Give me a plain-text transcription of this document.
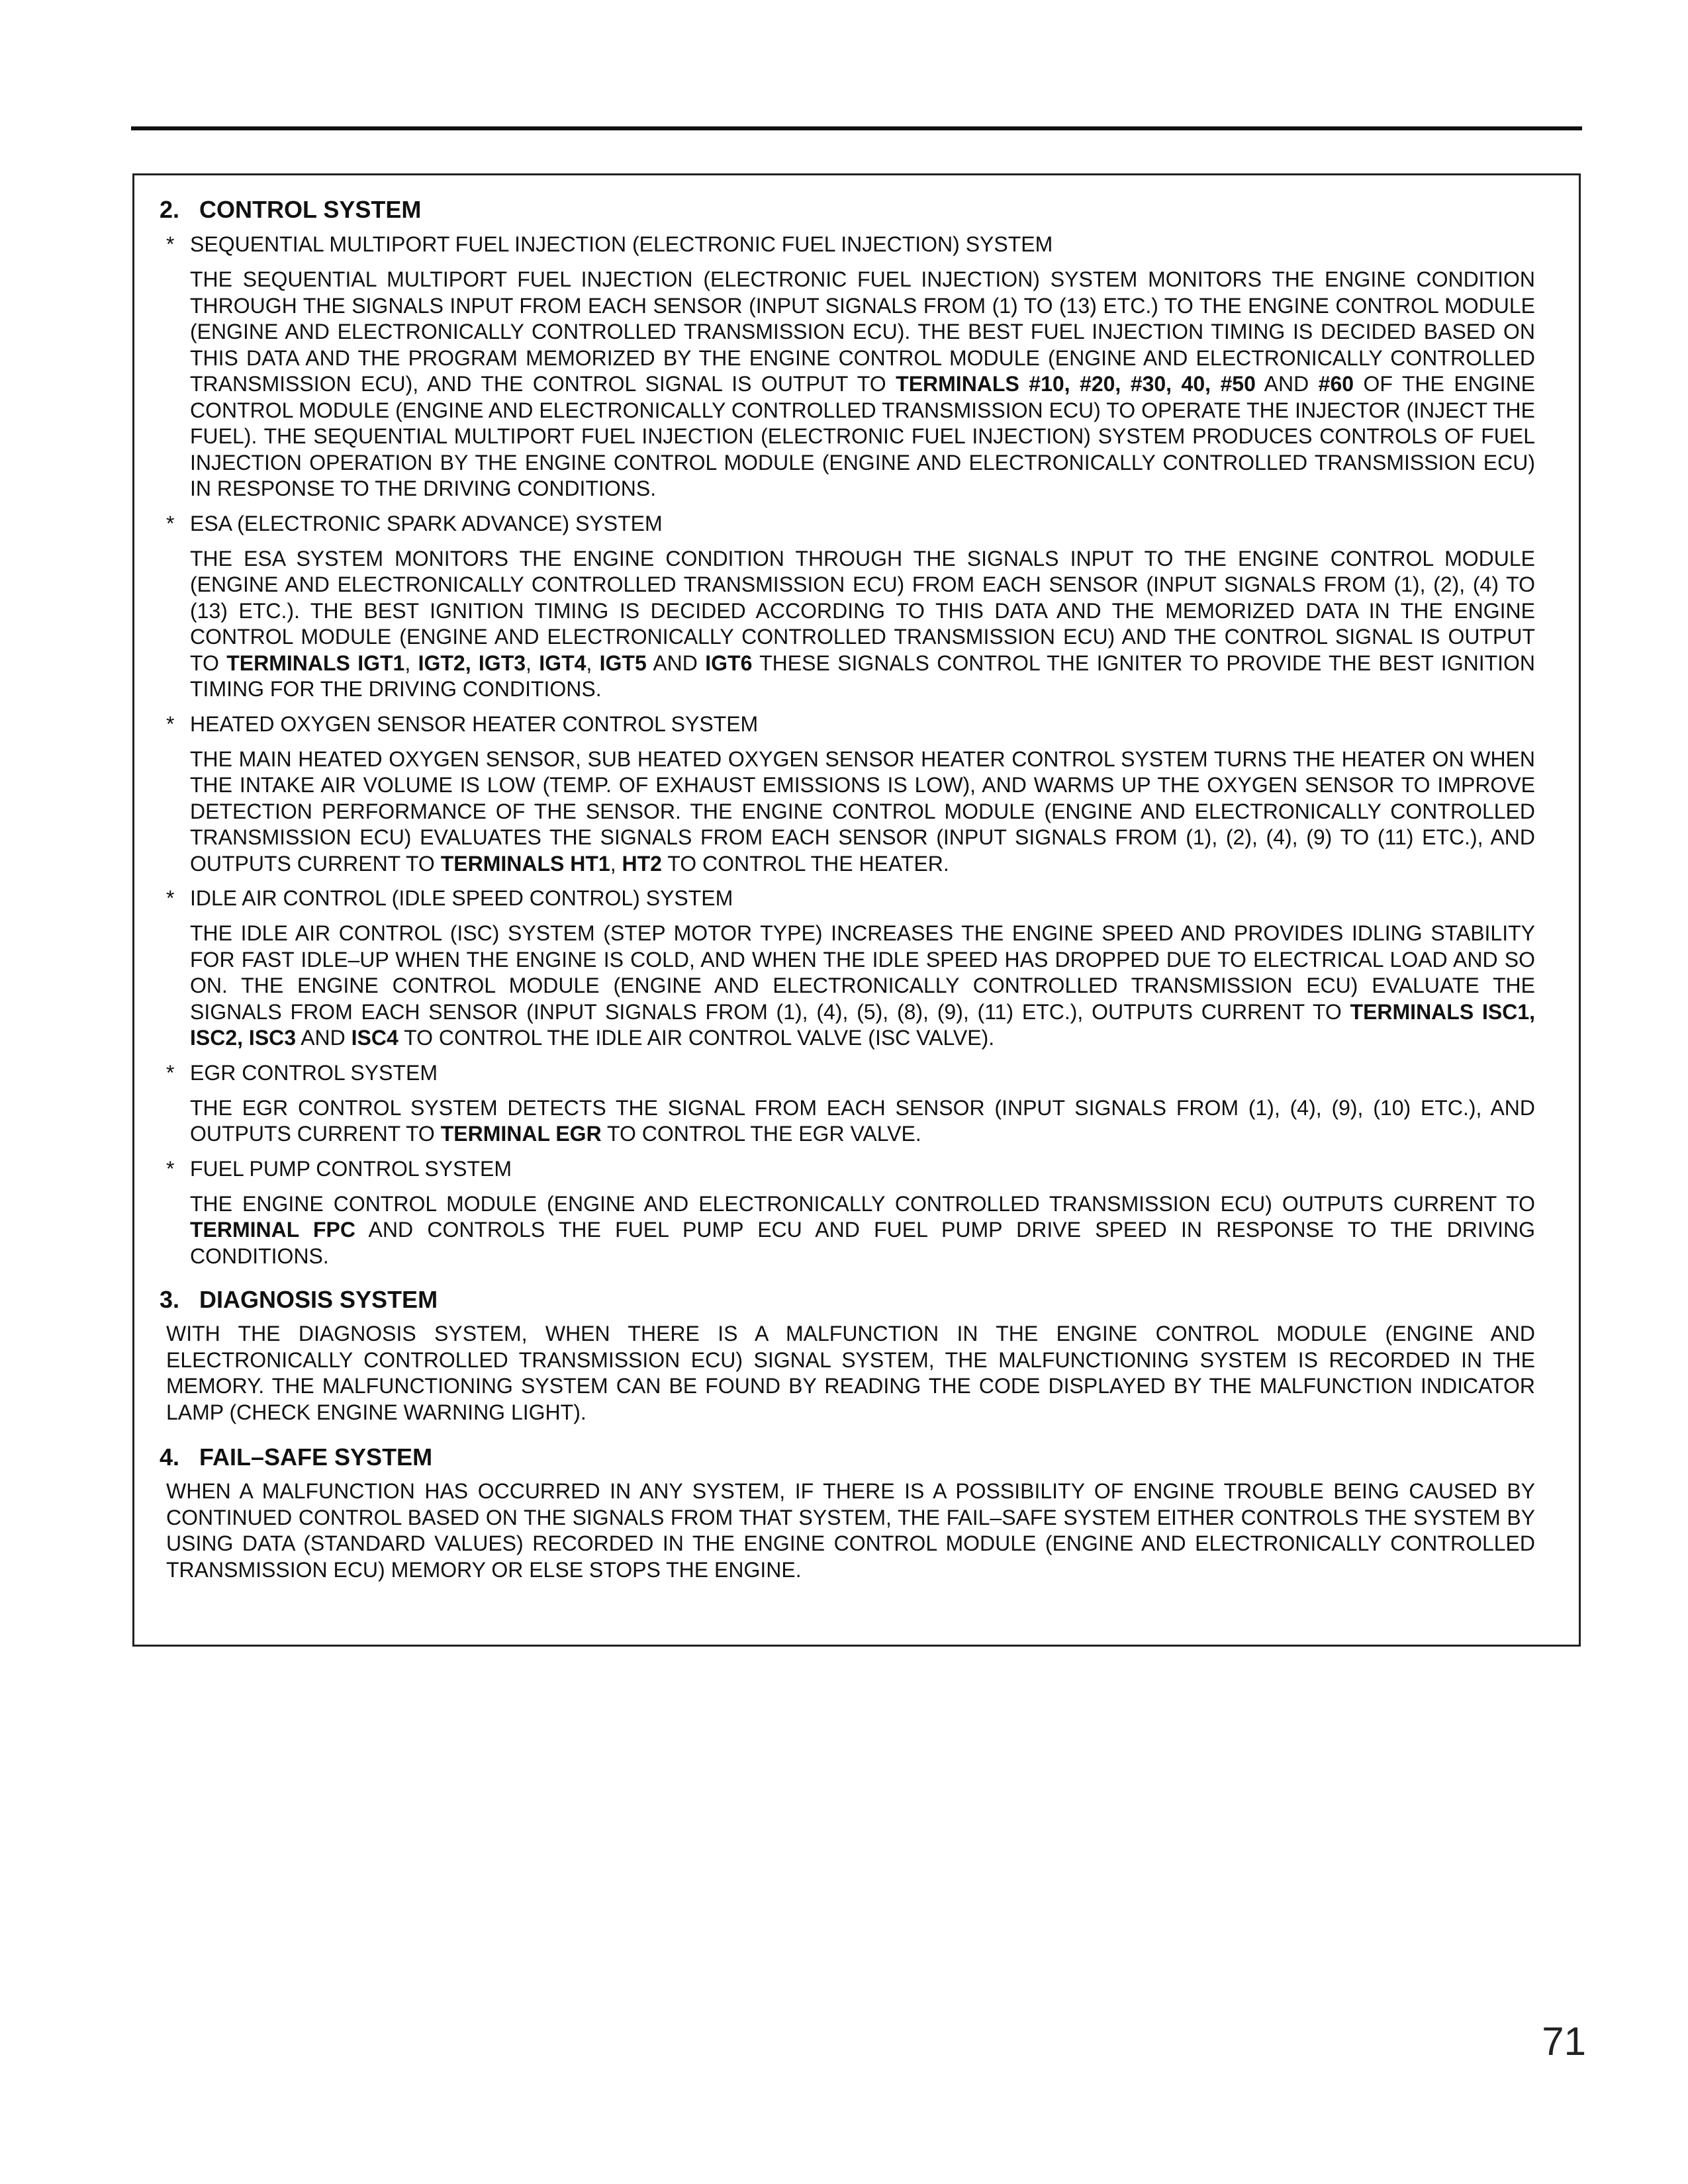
2. CONTROL SYSTEM
* SEQUENTIAL MULTIPORT FUEL INJECTION (ELECTRONIC FUEL INJECTION) SYSTEM
THE SEQUENTIAL MULTIPORT FUEL INJECTION (ELECTRONIC FUEL INJECTION) SYSTEM MONITORS THE ENGINE CONDITION THROUGH THE SIGNALS INPUT FROM EACH SENSOR (INPUT SIGNALS FROM (1) TO (13) ETC.) TO THE ENGINE CONTROL MODULE (ENGINE AND ELECTRONICALLY CONTROLLED TRANSMISSION ECU). THE BEST FUEL INJECTION TIMING IS DECIDED BASED ON THIS DATA AND THE PROGRAM MEMORIZED BY THE ENGINE CONTROL MODULE (ENGINE AND ELECTRONICALLY CONTROLLED TRANSMISSION ECU), AND THE CONTROL SIGNAL IS OUTPUT TO TERMINALS #10, #20, #30, 40, #50 AND #60 OF THE ENGINE CONTROL MODULE (ENGINE AND ELECTRONICALLY CONTROLLED TRANSMISSION ECU) TO OPERATE THE INJECTOR (INJECT THE FUEL). THE SEQUENTIAL MULTIPORT FUEL INJECTION (ELECTRONIC FUEL INJECTION) SYSTEM PRODUCES CONTROLS OF FUEL INJECTION OPERATION BY THE ENGINE CONTROL MODULE (ENGINE AND ELECTRONICALLY CONTROLLED TRANSMISSION ECU) IN RESPONSE TO THE DRIVING CONDITIONS.
* ESA (ELECTRONIC SPARK ADVANCE) SYSTEM
THE ESA SYSTEM MONITORS THE ENGINE CONDITION THROUGH THE SIGNALS INPUT TO THE ENGINE CONTROL MODULE (ENGINE AND ELECTRONICALLY CONTROLLED TRANSMISSION ECU) FROM EACH SENSOR (INPUT SIGNALS FROM (1), (2), (4) TO (13) ETC.). THE BEST IGNITION TIMING IS DECIDED ACCORDING TO THIS DATA AND THE MEMORIZED DATA IN THE ENGINE CONTROL MODULE (ENGINE AND ELECTRONICALLY CONTROLLED TRANSMISSION ECU) AND THE CONTROL SIGNAL IS OUTPUT TO TERMINALS IGT1, IGT2, IGT3, IGT4, IGT5 AND IGT6 THESE SIGNALS CONTROL THE IGNITER TO PROVIDE THE BEST IGNITION TIMING FOR THE DRIVING CONDITIONS.
* HEATED OXYGEN SENSOR HEATER CONTROL SYSTEM
THE MAIN HEATED OXYGEN SENSOR, SUB HEATED OXYGEN SENSOR HEATER CONTROL SYSTEM TURNS THE HEATER ON WHEN THE INTAKE AIR VOLUME IS LOW (TEMP. OF EXHAUST EMISSIONS IS LOW), AND WARMS UP THE OXYGEN SENSOR TO IMPROVE DETECTION PERFORMANCE OF THE SENSOR. THE ENGINE CONTROL MODULE (ENGINE AND ELECTRONICALLY CONTROLLED TRANSMISSION ECU) EVALUATES THE SIGNALS FROM EACH SENSOR (INPUT SIGNALS FROM (1), (2), (4), (9) TO (11) ETC.), AND OUTPUTS CURRENT TO TERMINALS HT1, HT2 TO CONTROL THE HEATER.
* IDLE AIR CONTROL (IDLE SPEED CONTROL) SYSTEM
THE IDLE AIR CONTROL (ISC) SYSTEM (STEP MOTOR TYPE) INCREASES THE ENGINE SPEED AND PROVIDES IDLING STABILITY FOR FAST IDLE–UP WHEN THE ENGINE IS COLD, AND WHEN THE IDLE SPEED HAS DROPPED DUE TO ELECTRICAL LOAD AND SO ON. THE ENGINE CONTROL MODULE (ENGINE AND ELECTRONICALLY CONTROLLED TRANSMISSION ECU) EVALUATE THE SIGNALS FROM EACH SENSOR (INPUT SIGNALS FROM (1), (4), (5), (8), (9), (11) ETC.), OUTPUTS CURRENT TO TERMINALS ISC1, ISC2, ISC3 AND ISC4 TO CONTROL THE IDLE AIR CONTROL VALVE (ISC VALVE).
* EGR CONTROL SYSTEM
THE EGR CONTROL SYSTEM DETECTS THE SIGNAL FROM EACH SENSOR (INPUT SIGNALS FROM (1), (4), (9), (10) ETC.), AND OUTPUTS CURRENT TO TERMINAL EGR TO CONTROL THE EGR VALVE.
* FUEL PUMP CONTROL SYSTEM
THE ENGINE CONTROL MODULE (ENGINE AND ELECTRONICALLY CONTROLLED TRANSMISSION ECU) OUTPUTS CURRENT TO TERMINAL FPC AND CONTROLS THE FUEL PUMP ECU AND FUEL PUMP DRIVE SPEED IN RESPONSE TO THE DRIVING CONDITIONS.
3. DIAGNOSIS SYSTEM
WITH THE DIAGNOSIS SYSTEM, WHEN THERE IS A MALFUNCTION IN THE ENGINE CONTROL MODULE (ENGINE AND ELECTRONICALLY CONTROLLED TRANSMISSION ECU) SIGNAL SYSTEM, THE MALFUNCTIONING SYSTEM IS RECORDED IN THE MEMORY. THE MALFUNCTIONING SYSTEM CAN BE FOUND BY READING THE CODE DISPLAYED BY THE MALFUNCTION INDICATOR LAMP (CHECK ENGINE WARNING LIGHT).
4. FAIL–SAFE SYSTEM
WHEN A MALFUNCTION HAS OCCURRED IN ANY SYSTEM, IF THERE IS A POSSIBILITY OF ENGINE TROUBLE BEING CAUSED BY CONTINUED CONTROL BASED ON THE SIGNALS FROM THAT SYSTEM, THE FAIL–SAFE SYSTEM EITHER CONTROLS THE SYSTEM BY USING DATA (STANDARD VALUES) RECORDED IN THE ENGINE CONTROL MODULE (ENGINE AND ELECTRONICALLY CONTROLLED TRANSMISSION ECU) MEMORY OR ELSE STOPS THE ENGINE.
71
